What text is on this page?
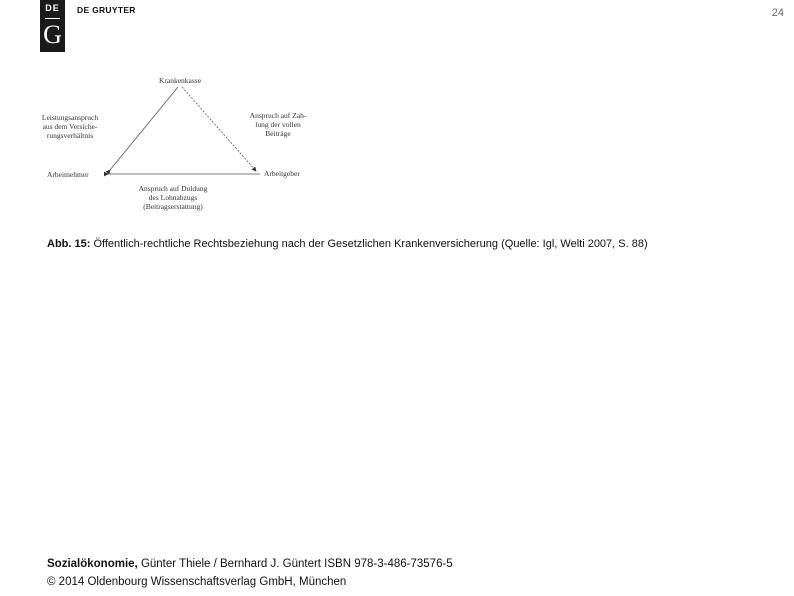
DE
G
DE GRUYTER	24
Krankenkasse
Arbeitnehmer	Arbeitgeber
Leistungsanspruch
aus dem Versiche-
rungsverhältnis
Anspruch auf Zah-
lung der vollen
Beiträge
Anspruch auf Duldung
des Lohnabzugs
(Beitragserstattung)
Abb. 15: Öffentlich-rechtliche Rechtsbeziehung nach der Gesetzlichen Krankenversicherung (Quelle: Igl, Welti 2007, S. 88)
Sozialökonomie, Günter Thiele / Bernhard J. Güntert ISBN 978-3-486-73576-5
© 2014 Oldenbourg Wissenschaftsverlag GmbH, München
